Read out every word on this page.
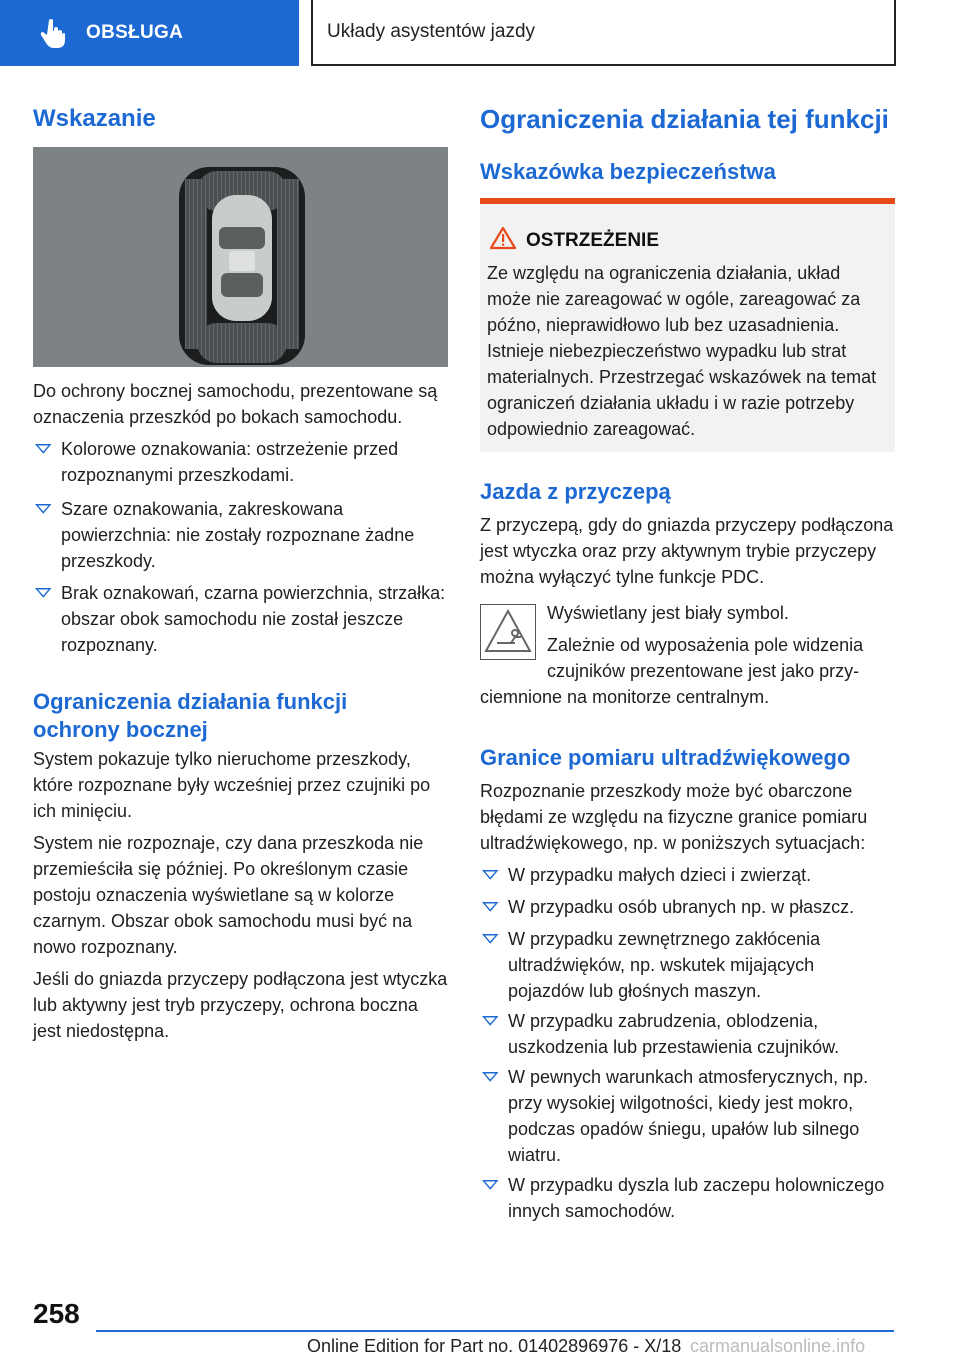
OBSŁUGA	Układy asystentów jazdy
Wskazanie
Do ochrony bocznej samochodu, prezentowane są oznaczenia przeszkód po bokach samochodu.
Kolorowe oznakowania: ostrzeżenie przed rozpoznanymi przeszkodami.
Szare oznakowania, zakreskowana powierzchnia: nie zostały rozpoznane żadne przeszkody.
Brak oznakowań, czarna powierzchnia, strzałka: obszar obok samochodu nie został jeszcze rozpoznany.
Ograniczenia działania funkcji ochrony bocznej
System pokazuje tylko nieruchome przeszkody, które rozpoznane były wcześniej przez czujniki po ich minięciu.
System nie rozpoznaje, czy dana przeszkoda nie przemieściła się później. Po określonym czasie postoju oznaczenia wyświetlane są w kolorze czarnym. Obszar obok samochodu musi być na nowo rozpoznany.
Jeśli do gniazda przyczepy podłączona jest wtyczka lub aktywny jest tryb przyczepy, ochrona boczna jest niedostępna.
Ograniczenia działania tej funkcji
Wskazówka bezpieczeństwa
OSTRZEŻENIE
Ze względu na ograniczenia działania, układ może nie zareagować w ogóle, zareagować za późno, nieprawidłowo lub bez uzasadnienia. Istnieje niebezpieczeństwo wypadku lub strat materialnych. Przestrzegać wskazówek na temat ograniczeń działania układu i w razie potrzeby odpowiednio zareagować.
Jazda z przyczepą
Z przyczepą, gdy do gniazda przyczepy podłączona jest wtyczka oraz przy aktywnym trybie przyczepy można wyłączyć tylne funkcje PDC.
Wyświetlany jest biały symbol.
Zależnie od wyposażenia pole widzenia czujników prezentowane jest jako przy-
ciemnione na monitorze centralnym.
Granice pomiaru ultradźwiękowego
Rozpoznanie przeszkody może być obarczone błędami ze względu na fizyczne granice pomiaru ultradźwiękowego, np. w poniższych sytuacjach:
W przypadku małych dzieci i zwierząt.
W przypadku osób ubranych np. w płaszcz.
W przypadku zewnętrznego zakłócenia ultradźwięków, np. wskutek mijających pojazdów lub głośnych maszyn.
W przypadku zabrudzenia, oblodzenia, uszkodzenia lub przestawienia czujników.
W pewnych warunkach atmosferycznych, np. przy wysokiej wilgotności, kiedy jest mokro, podczas opadów śniegu, upałów lub silnego wiatru.
W przypadku dyszla lub zaczepu holowniczego innych samochodów.
258
Online Edition for Part no. 01402896976 - X/18 carmanualsonline.info
